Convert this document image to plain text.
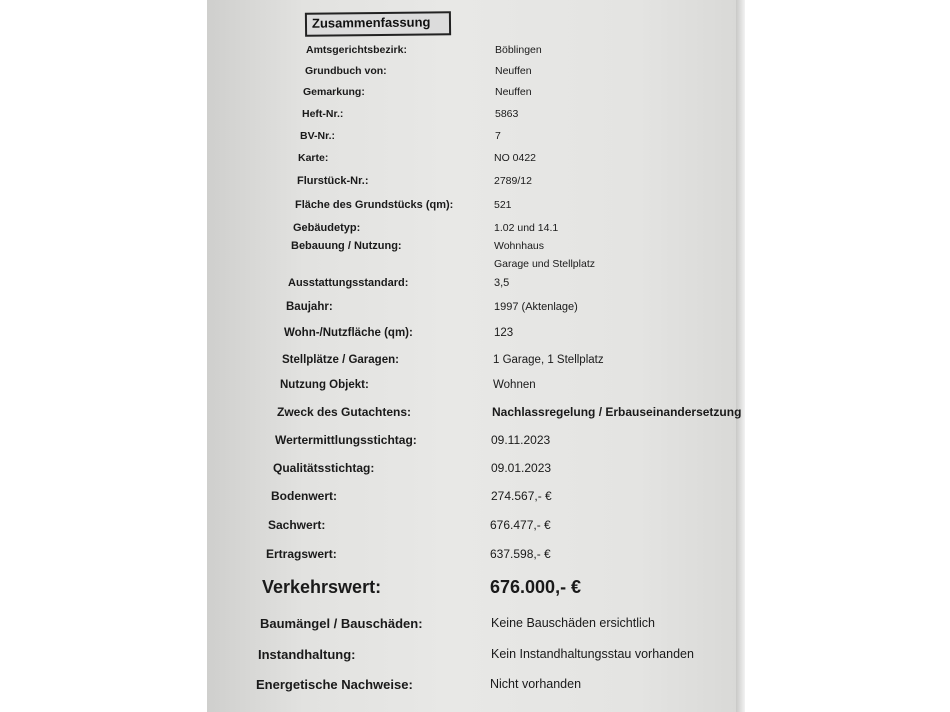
Zusammenfassung
Amtsgerichtsbezirk:	Böblingen
Grundbuch von:	Neuffen
Gemarkung:	Neuffen
Heft-Nr.:	5863
BV-Nr.:	7
Karte:	NO 0422
Flurstück-Nr.:	2789/12
Fläche des Grundstücks (qm):	521
Gebäudetyp:	1.02 und 14.1
Bebauung / Nutzung:	Wohnhaus
Garage und Stellplatz
Ausstattungsstandard:	3,5
Baujahr:	1997 (Aktenlage)
Wohn-/Nutzfläche (qm):	123
Stellplätze / Garagen:	1 Garage, 1 Stellplatz
Nutzung Objekt:	Wohnen
Zweck des Gutachtens:	Nachlassregelung / Erbauseinandersetzung
Wertermittlungsstichtag:	09.11.2023
Qualitätsstichtag:	09.01.2023
Bodenwert:	274.567,- €
Sachwert:	676.477,- €
Ertragswert:	637.598,- €
Verkehrswert:	676.000,- €
Baumängel / Bauschäden:	Keine Bauschäden ersichtlich
Instandhaltung:	Kein Instandhaltungsstau vorhanden
Energetische Nachweise:	Nicht vorhanden
